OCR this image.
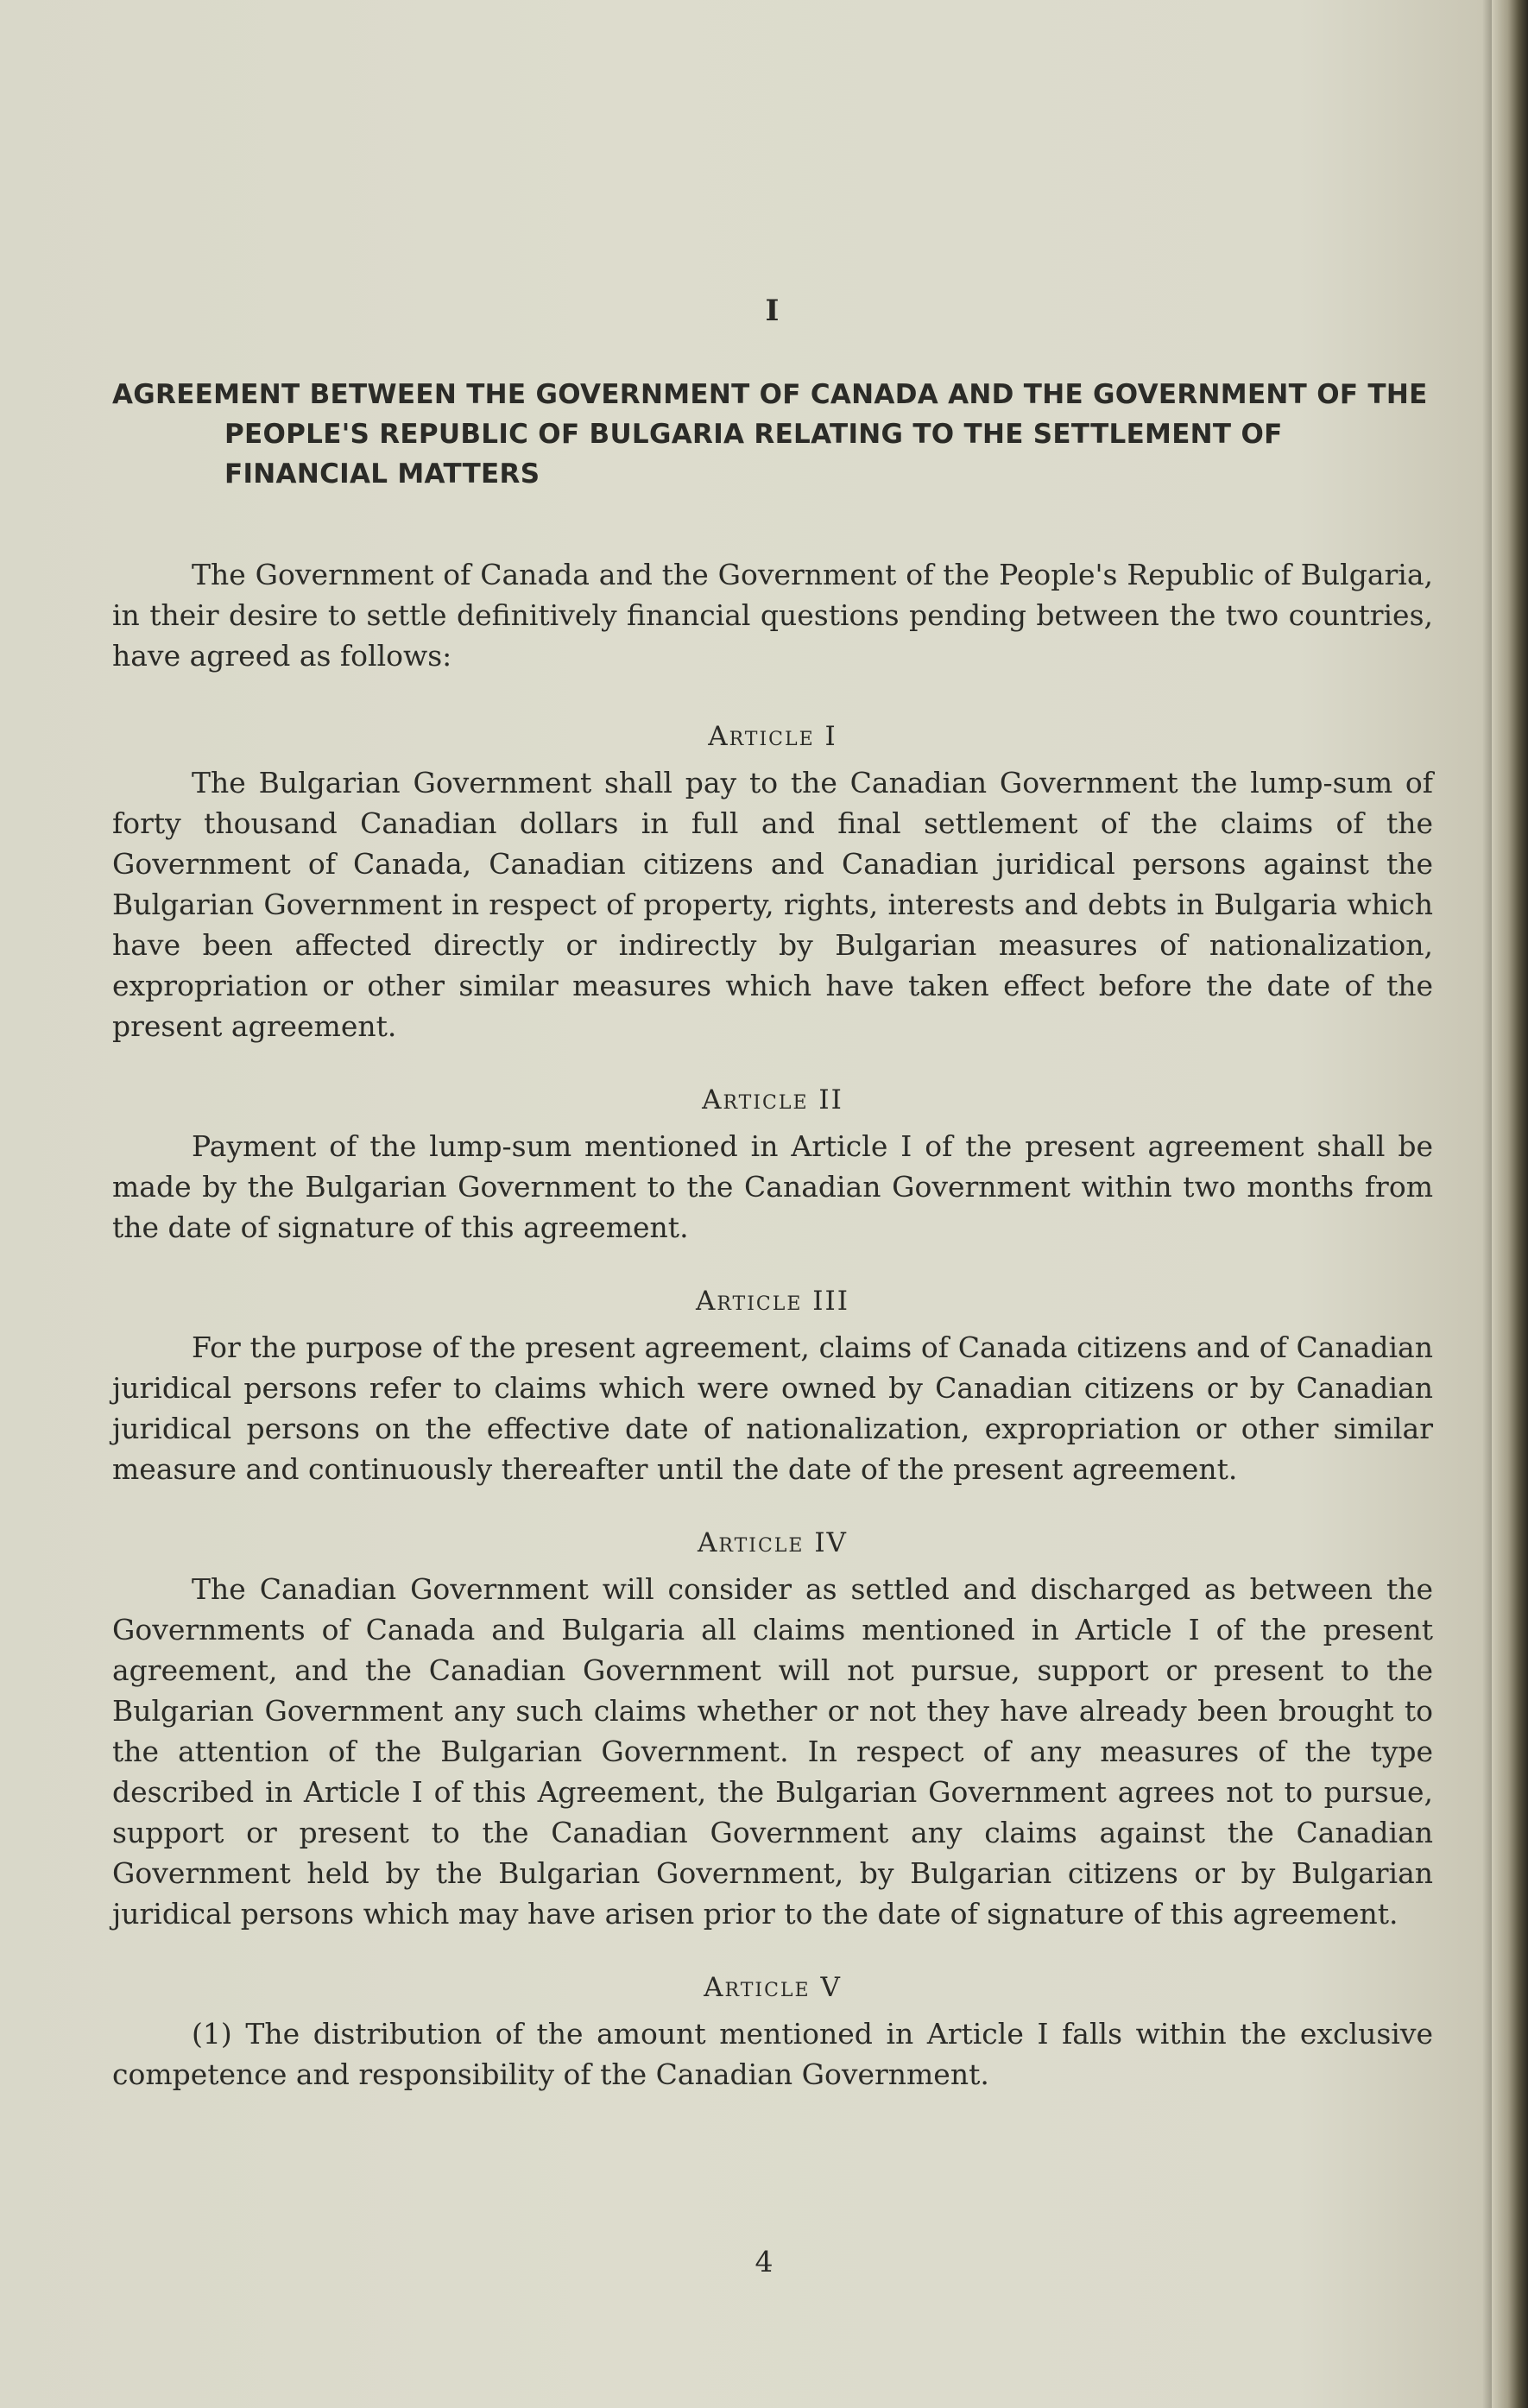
I
AGREEMENT BETWEEN THE GOVERNMENT OF CANADA AND THE GOVERNMENT OF THE PEOPLE'S REPUBLIC OF BULGARIA RELATING TO THE SETTLEMENT OF FINANCIAL MATTERS

The Government of Canada and the Government of the People's Republic of Bulgaria, in their desire to settle definitively financial questions pending between the two countries, have agreed as follows:

Article I

The Bulgarian Government shall pay to the Canadian Government the lump-sum of forty thousand Canadian dollars in full and final settlement of the claims of the Government of Canada, Canadian citizens and Canadian juridical persons against the Bulgarian Government in respect of property, rights, interests and debts in Bulgaria which have been affected directly or indirectly by Bulgarian measures of nationalization, expropriation or other similar measures which have taken effect before the date of the present agreement.

Article II

Payment of the lump-sum mentioned in Article I of the present agreement shall be made by the Bulgarian Government to the Canadian Government within two months from the date of signature of this agreement.

Article III

For the purpose of the present agreement, claims of Canada citizens and of Canadian juridical persons refer to claims which were owned by Canadian citizens or by Canadian juridical persons on the effective date of nationalization, expropriation or other similar measure and continuously thereafter until the date of the present agreement.

Article IV

The Canadian Government will consider as settled and discharged as between the Governments of Canada and Bulgaria all claims mentioned in Article I of the present agreement, and the Canadian Government will not pursue, support or present to the Bulgarian Government any such claims whether or not they have already been brought to the attention of the Bulgarian Government. In respect of any measures of the type described in Article I of this Agreement, the Bulgarian Government agrees not to pursue, support or present to the Canadian Government any claims against the Canadian Government held by the Bulgarian Government, by Bulgarian citizens or by Bulgarian juridical persons which may have arisen prior to the date of signature of this agreement.

Article V

(1) The distribution of the amount mentioned in Article I falls within the exclusive competence and responsibility of the Canadian Government.

4
